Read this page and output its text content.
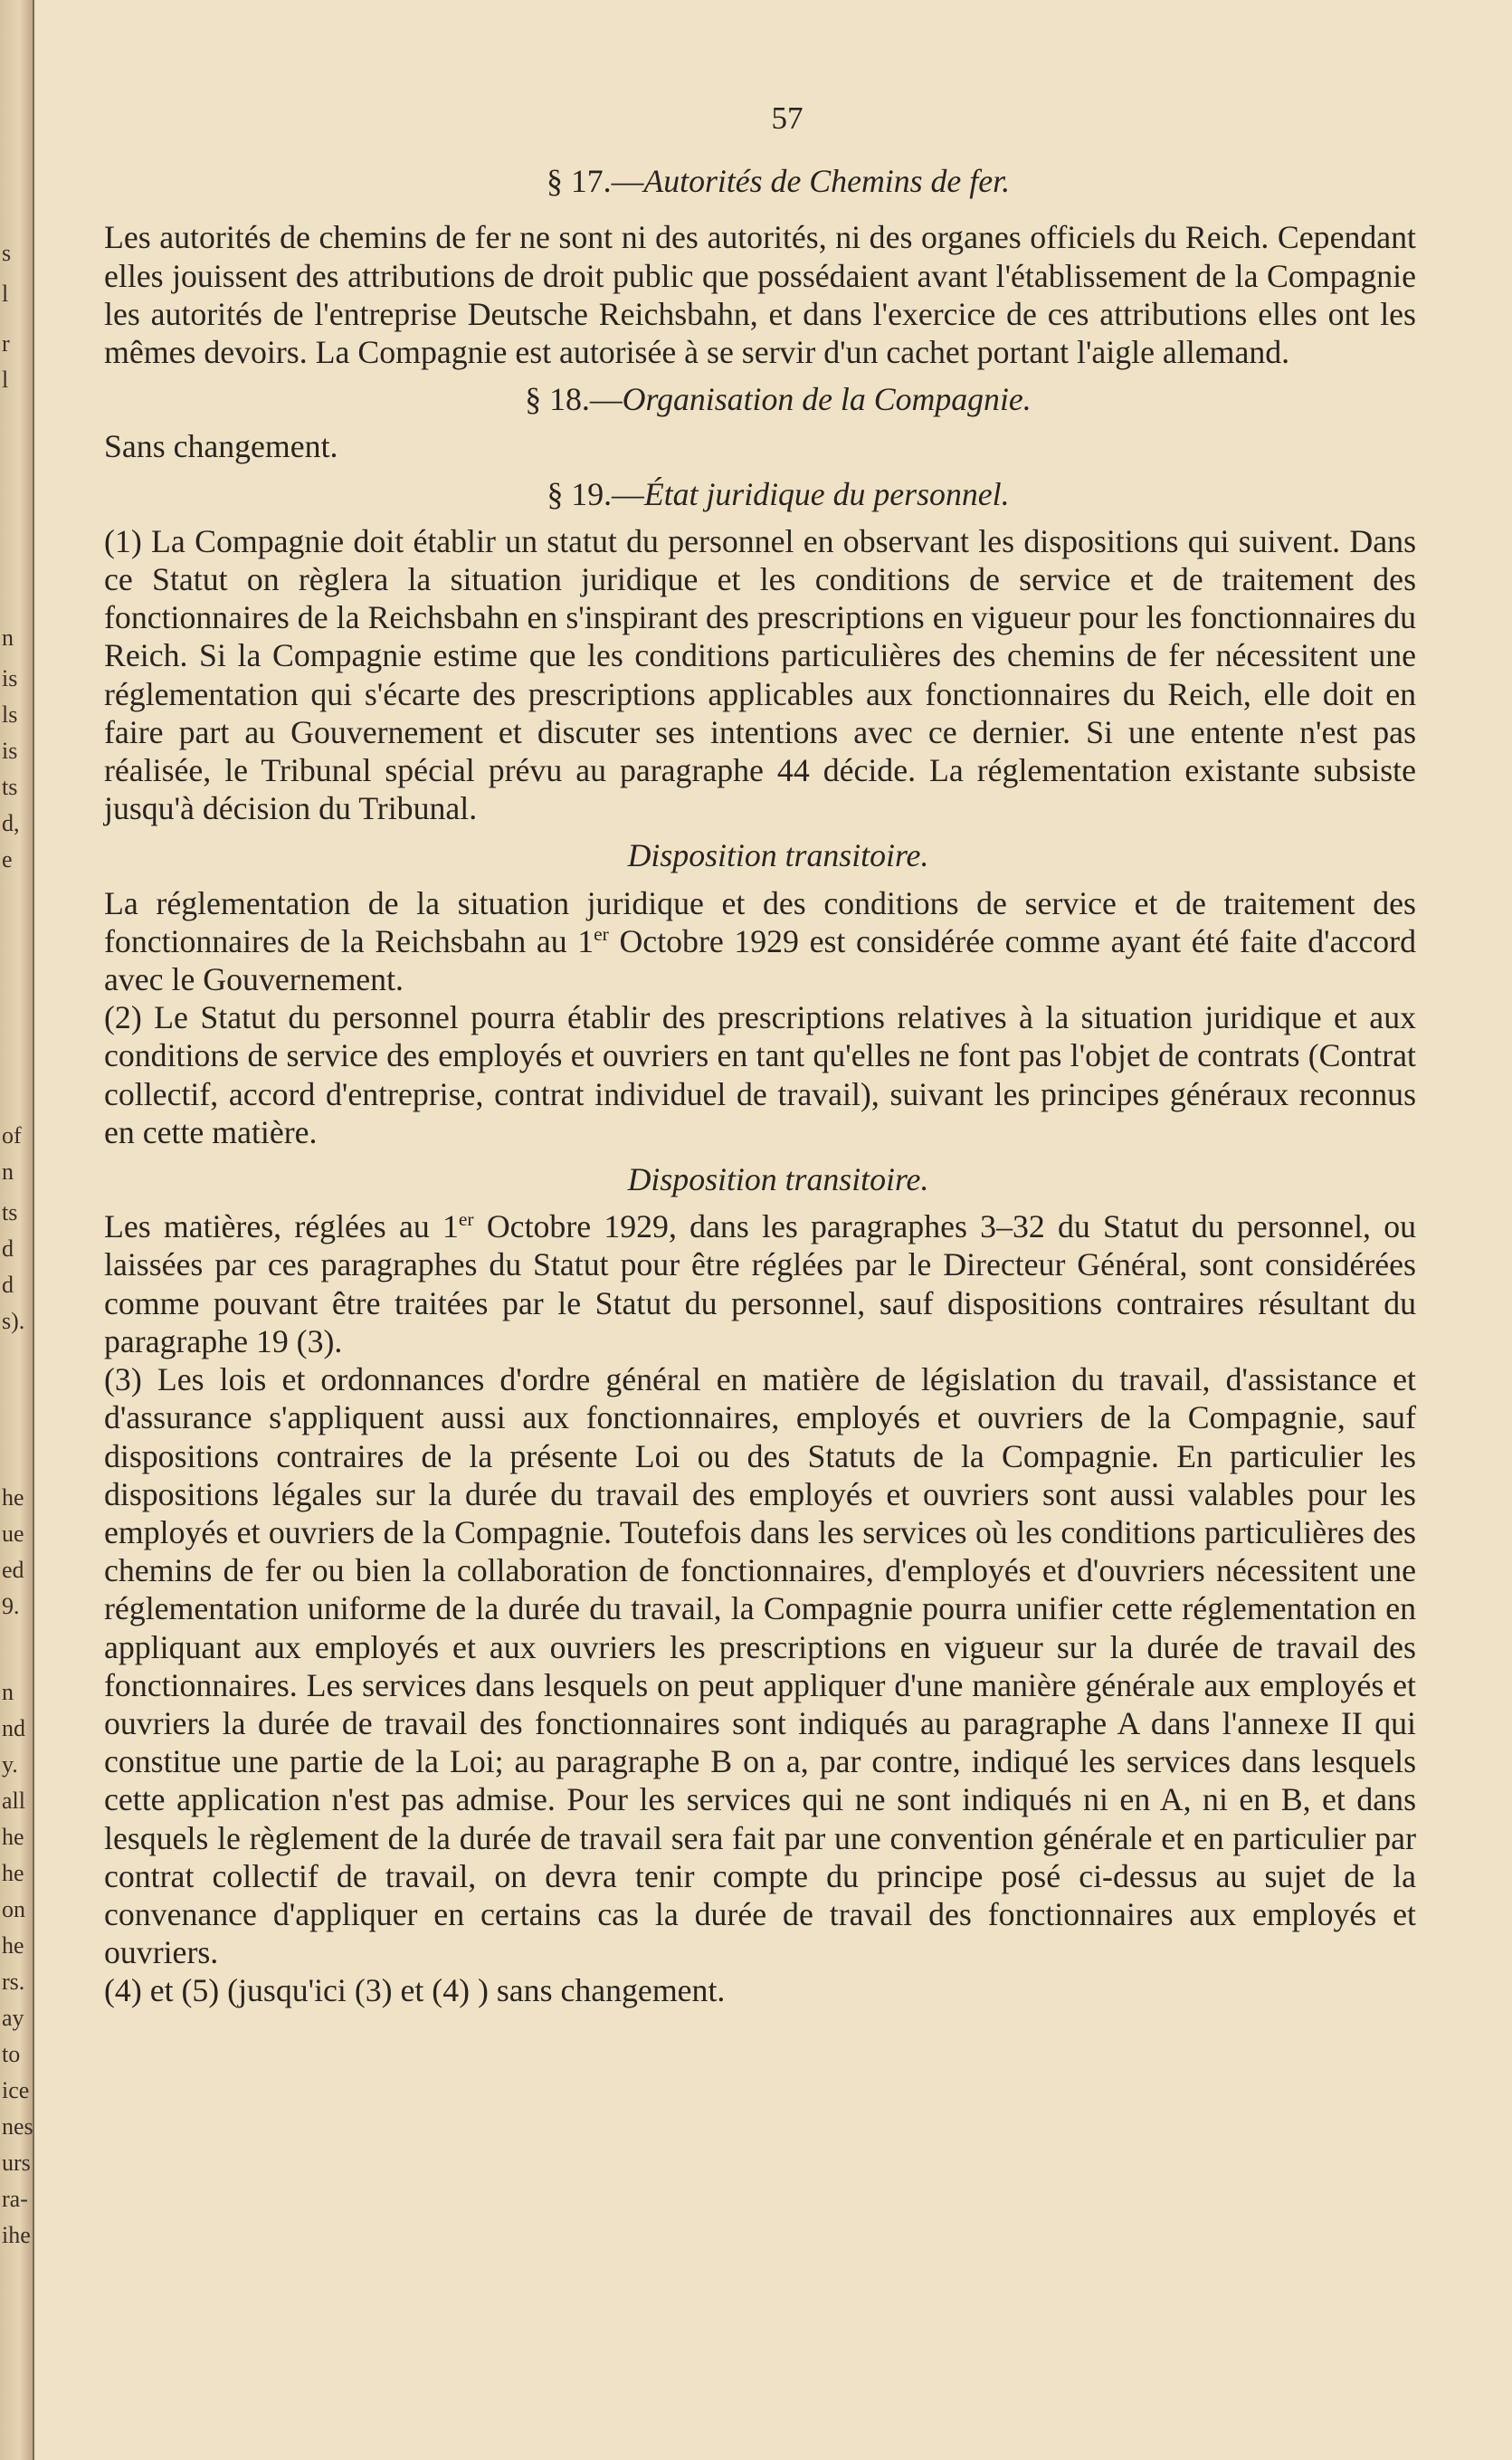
s
l
r
l
n
is
ls
is
ts
d,
e
of
n
ts
d
d
s).
he
ue
ed
9.
n
nd
y.
all
he
he
on
he
rs.
ay
to
ice
nes
urs
ra-
ihe

57

§ 17.—Autorités de Chemins de fer.

Les autorités de chemins de fer ne sont ni des autorités, ni des organes officiels du Reich. Cependant elles jouissent des attributions de droit public que possédaient avant l'établissement de la Compagnie les autorités de l'entreprise Deutsche Reichsbahn, et dans l'exercice de ces attributions elles ont les mêmes devoirs. La Compagnie est autorisée à se servir d'un cachet portant l'aigle allemand.

§ 18.—Organisation de la Compagnie.

Sans changement.

§ 19.—État juridique du personnel.

(1) La Compagnie doit établir un statut du personnel en observant les dispositions qui suivent. Dans ce Statut on règlera la situation juridique et les conditions de service et de traitement des fonctionnaires de la Reichsbahn en s'inspirant des prescriptions en vigueur pour les fonctionnaires du Reich. Si la Compagnie estime que les conditions particulières des chemins de fer nécessitent une réglementation qui s'écarte des prescriptions applicables aux fonctionnaires du Reich, elle doit en faire part au Gouvernement et discuter ses intentions avec ce dernier. Si une entente n'est pas réalisée, le Tribunal spécial prévu au paragraphe 44 décide. La réglementation existante subsiste jusqu'à décision du Tribunal.

Disposition transitoire.

La réglementation de la situation juridique et des conditions de service et de traitement des fonctionnaires de la Reichsbahn au 1er Octobre 1929 est considérée comme ayant été faite d'accord avec le Gouvernement.

(2) Le Statut du personnel pourra établir des prescriptions relatives à la situation juridique et aux conditions de service des employés et ouvriers en tant qu'elles ne font pas l'objet de contrats (Contrat collectif, accord d'entreprise, contrat individuel de travail), suivant les principes généraux reconnus en cette matière.

Disposition transitoire.

Les matières, réglées au 1er Octobre 1929, dans les paragraphes 3–32 du Statut du personnel, ou laissées par ces paragraphes du Statut pour être réglées par le Directeur Général, sont considérées comme pouvant être traitées par le Statut du personnel, sauf dispositions contraires résultant du paragraphe 19 (3).

(3) Les lois et ordonnances d'ordre général en matière de législation du travail, d'assistance et d'assurance s'appliquent aussi aux fonctionnaires, employés et ouvriers de la Compagnie, sauf dispositions contraires de la présente Loi ou des Statuts de la Compagnie. En particulier les dispositions légales sur la durée du travail des employés et ouvriers sont aussi valables pour les employés et ouvriers de la Compagnie. Toutefois dans les services où les conditions particulières des chemins de fer ou bien la collaboration de fonctionnaires, d'employés et d'ouvriers nécessitent une réglementation uniforme de la durée du travail, la Compagnie pourra unifier cette réglementation en appliquant aux employés et aux ouvriers les prescriptions en vigueur sur la durée de travail des fonctionnaires. Les services dans lesquels on peut appliquer d'une manière générale aux employés et ouvriers la durée de travail des fonctionnaires sont indiqués au paragraphe A dans l'annexe II qui constitue une partie de la Loi; au paragraphe B on a, par contre, indiqué les services dans lesquels cette application n'est pas admise. Pour les services qui ne sont indiqués ni en A, ni en B, et dans lesquels le règlement de la durée de travail sera fait par une convention générale et en particulier par contrat collectif de travail, on devra tenir compte du principe posé ci-dessus au sujet de la convenance d'appliquer en certains cas la durée de travail des fonctionnaires aux employés et ouvriers.

(4) et (5) (jusqu'ici (3) et (4) ) sans changement.
